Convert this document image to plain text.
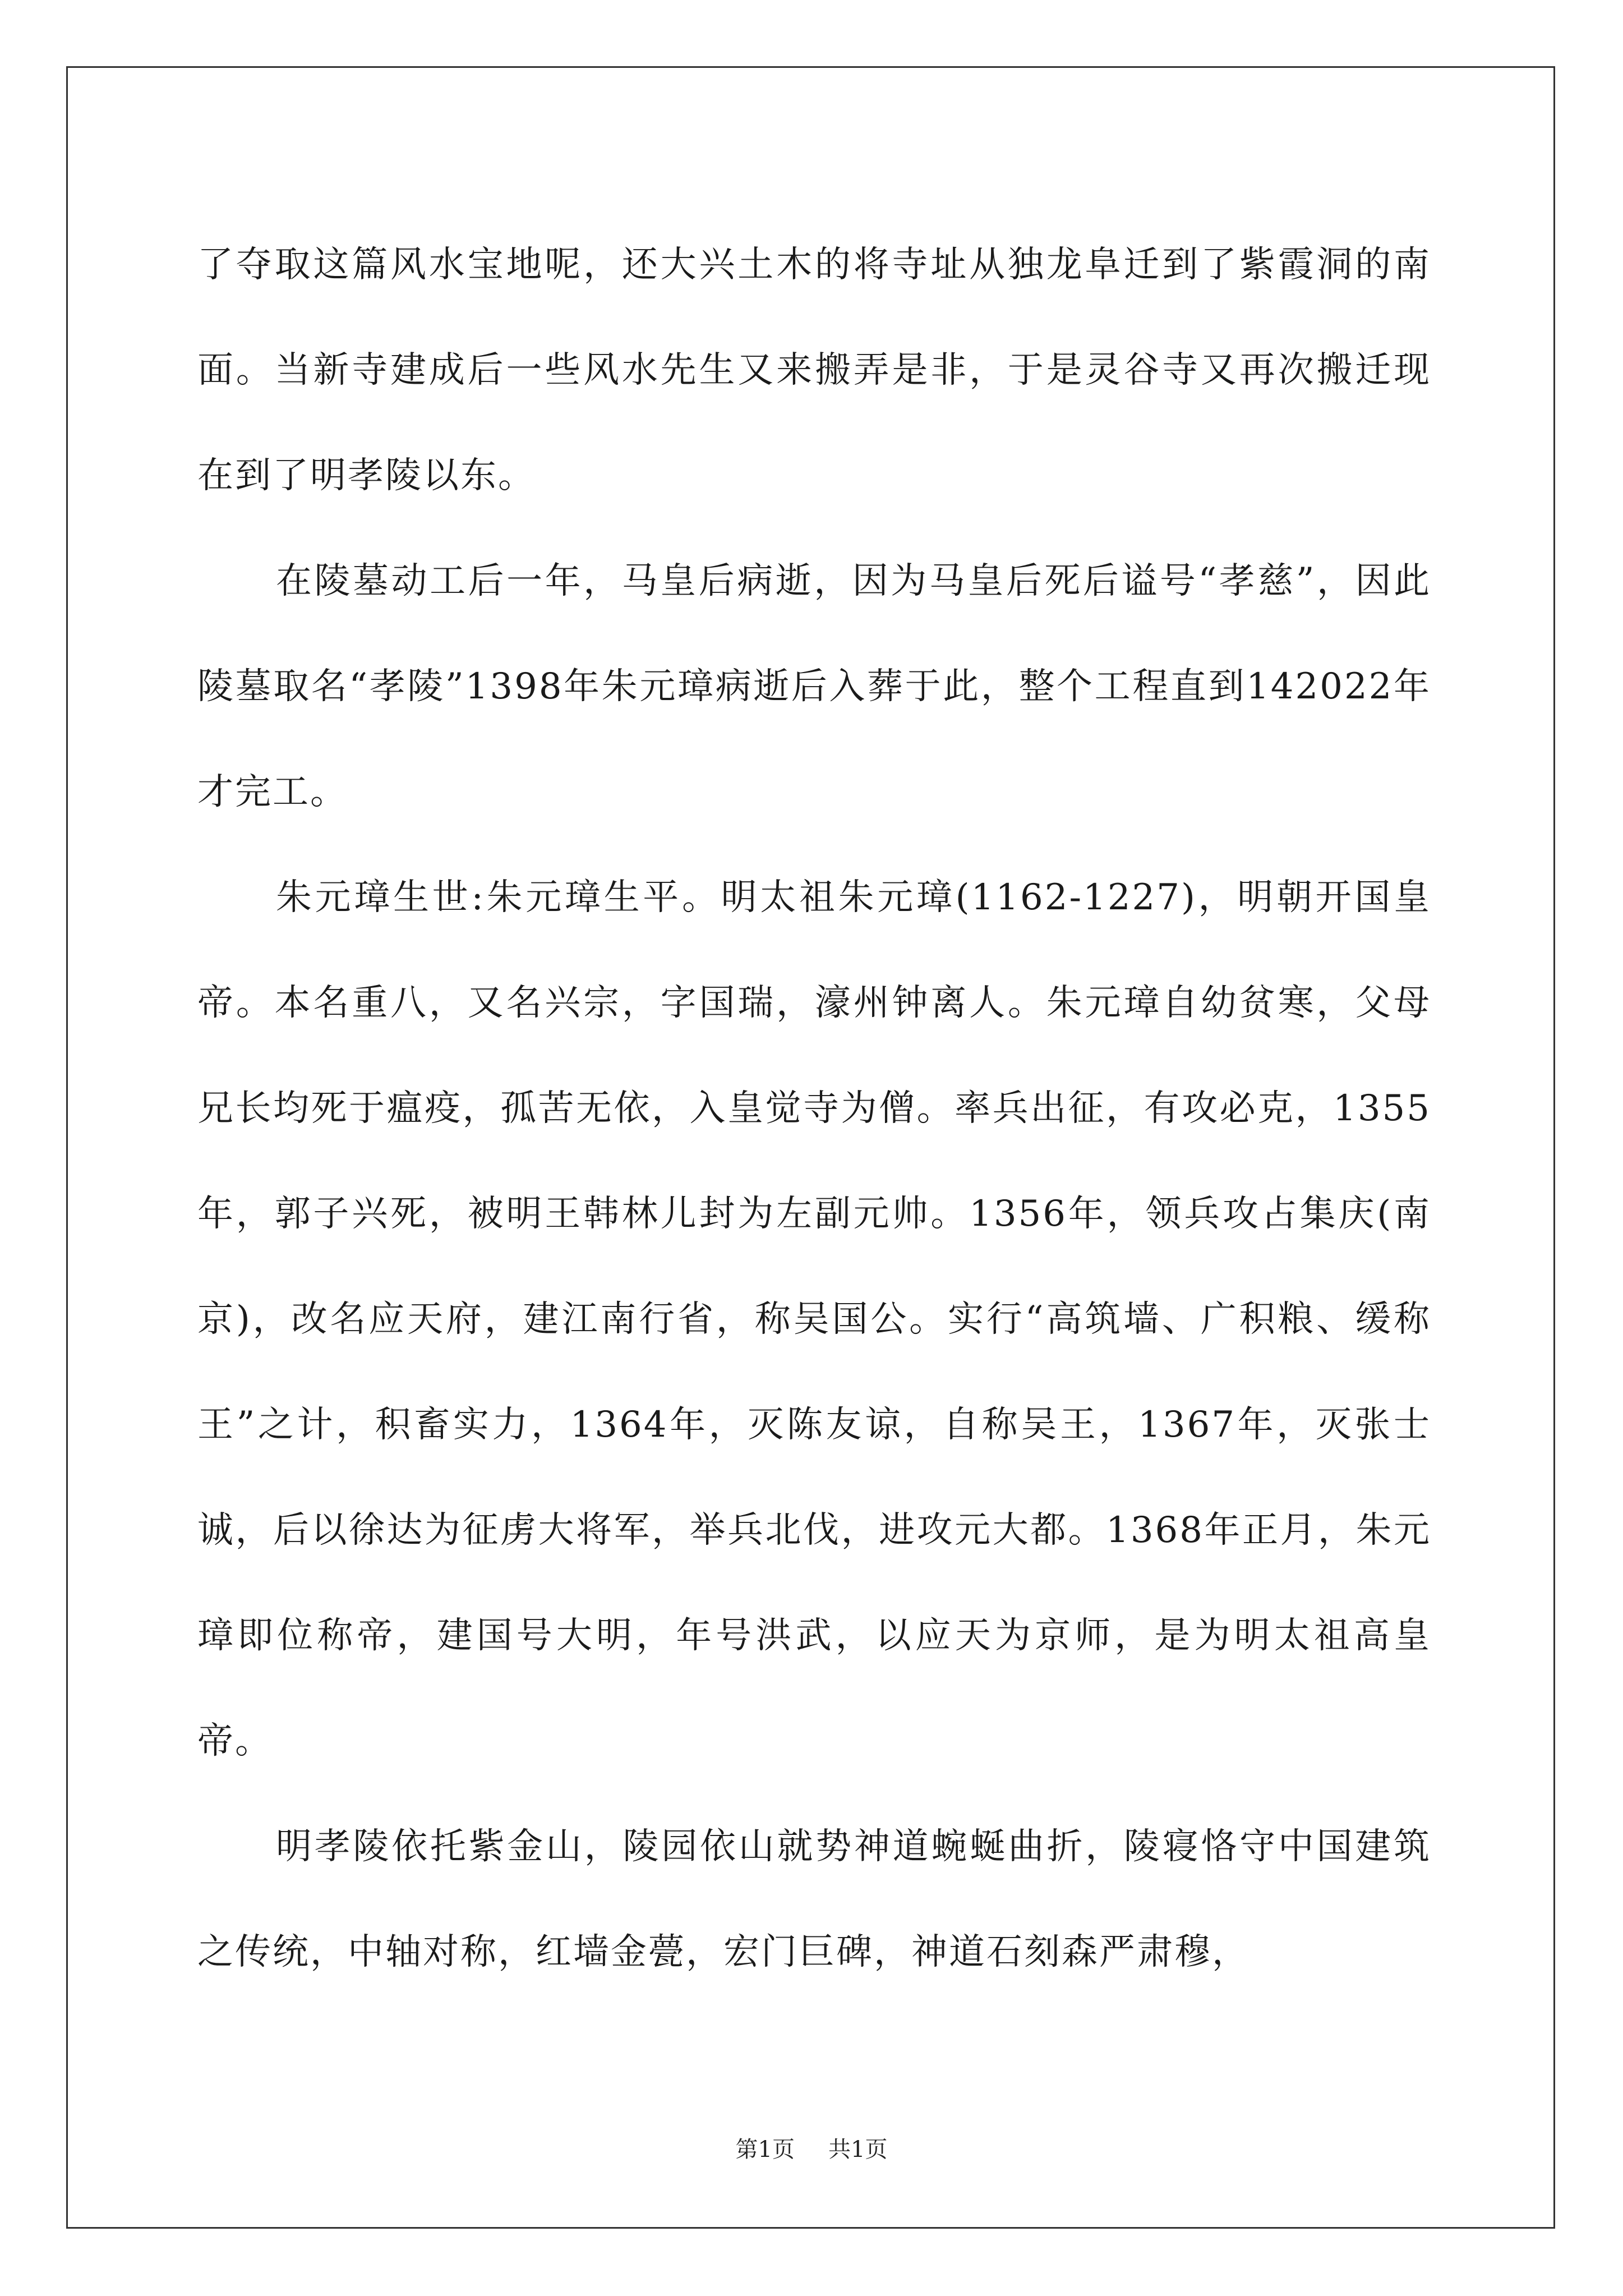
了夺取这篇风水宝地呢，还大兴土木的将寺址从独龙阜迁到了紫霞洞的南面。当新寺建成后一些风水先生又来搬弄是非，于是灵谷寺又再次搬迁现在到了明孝陵以东。

在陵墓动工后一年，马皇后病逝，因为马皇后死后谥号“孝慈”，因此陵墓取名“孝陵”1398年朱元璋病逝后入葬于此，整个工程直到142022年才完工。

朱元璋生世:朱元璋生平。明太祖朱元璋(1162-1227)，明朝开国皇帝。本名重八，又名兴宗，字国瑞，濠州钟离人。朱元璋自幼贫寒，父母兄长均死于瘟疫，孤苦无依，入皇觉寺为僧。率兵出征，有攻必克，1355年，郭子兴死，被明王韩林儿封为左副元帅。1356年，领兵攻占集庆(南京)，改名应天府，建江南行省，称吴国公。实行“高筑墙、广积粮、缓称王”之计，积畜实力，1364年，灭陈友谅，自称吴王，1367年，灭张士诚，后以徐达为征虏大将军，举兵北伐，进攻元大都。1368年正月，朱元璋即位称帝，建国号大明，年号洪武，以应天为京师，是为明太祖高皇帝。

明孝陵依托紫金山，陵园依山就势神道蜿蜒曲折，陵寝恪守中国建筑之传统，中轴对称，红墙金甍，宏门巨碑，神道石刻森严肃穆，

第1页 共1页
